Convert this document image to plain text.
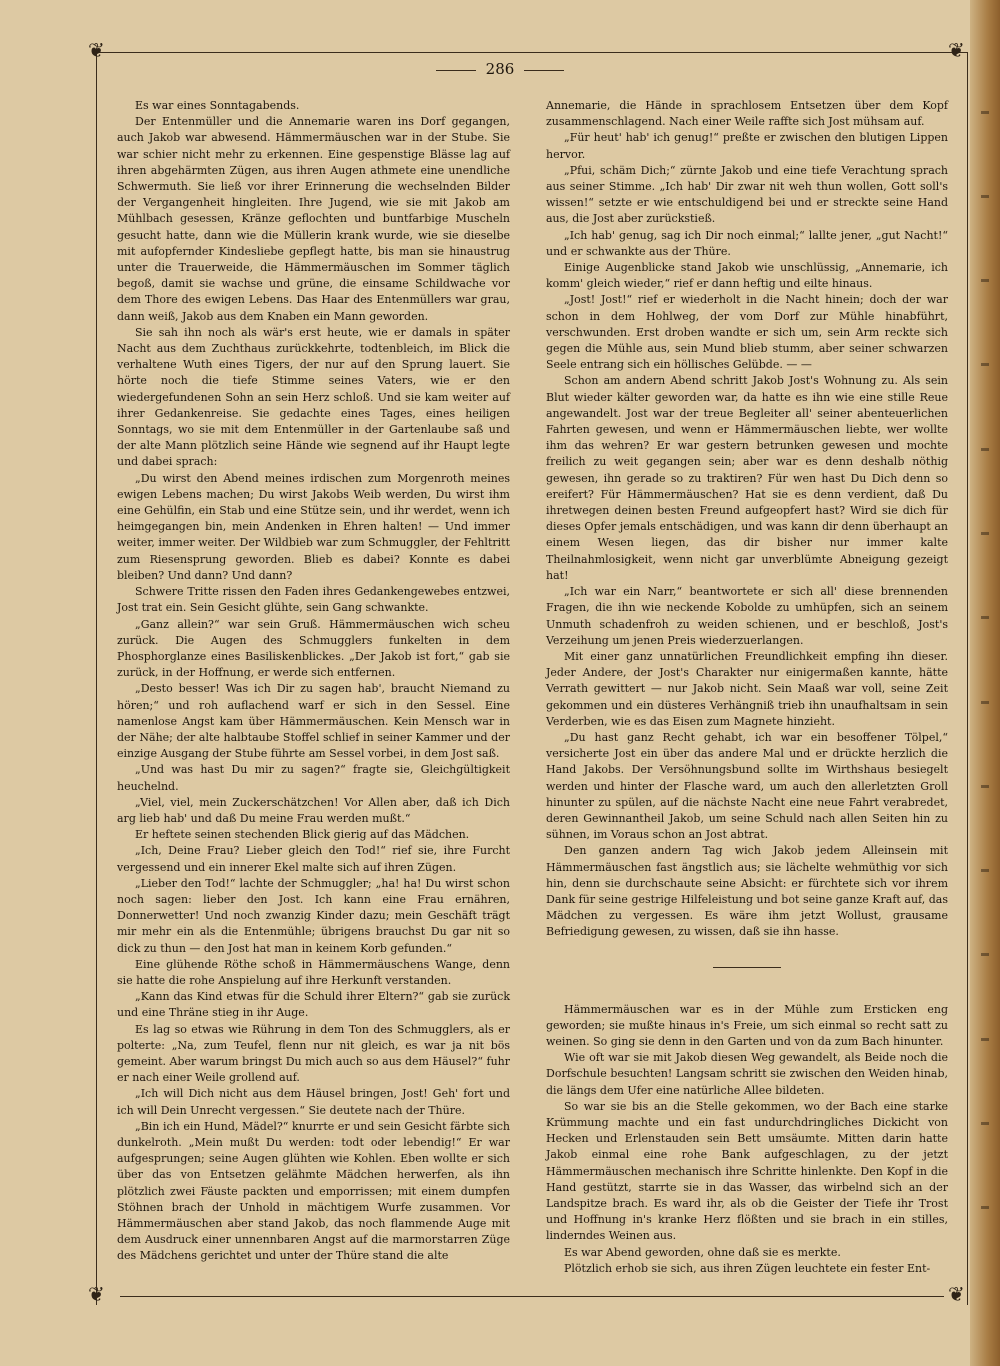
❦	❦
❦	❦
286

Es war eines Sonntagabends.

Der Entenmüller und die Annemarie waren ins Dorf gegangen, auch Jakob war abwesend. Hämmermäuschen war in der Stube. Sie war schier nicht mehr zu erkennen. Eine gespenstige Blässe lag auf ihren abgehärmten Zügen, aus ihren Augen athmete eine unendliche Schwermuth. Sie ließ vor ihrer Erinnerung die wechselnden Bilder der Vergangenheit hingleiten. Ihre Jugend, wie sie mit Jakob am Mühlbach gesessen, Kränze geflochten und buntfarbige Muscheln gesucht hatte, dann wie die Müllerin krank wurde, wie sie dieselbe mit aufopfernder Kindesliebe gepflegt hatte, bis man sie hinaustrug unter die Trauerweide, die Hämmermäuschen im Sommer täglich begoß, damit sie wachse und grüne, die einsame Schildwache vor dem Thore des ewigen Lebens. Das Haar des Entenmüllers war grau, dann weiß, Jakob aus dem Knaben ein Mann geworden.

Sie sah ihn noch als wär's erst heute, wie er damals in später Nacht aus dem Zuchthaus zurückkehrte, todtenbleich, im Blick die verhaltene Wuth eines Tigers, der nur auf den Sprung lauert. Sie hörte noch die tiefe Stimme seines Vaters, wie er den wiedergefundenen Sohn an sein Herz schloß. Und sie kam weiter auf ihrer Gedankenreise. Sie gedachte eines Tages, eines heiligen Sonntags, wo sie mit dem Entenmüller in der Gartenlaube saß und der alte Mann plötzlich seine Hände wie segnend auf ihr Haupt legte und dabei sprach:

„Du wirst den Abend meines irdischen zum Morgenroth meines ewigen Lebens machen; Du wirst Jakobs Weib werden, Du wirst ihm eine Gehülfin, ein Stab und eine Stütze sein, und ihr werdet, wenn ich heimgegangen bin, mein Andenken in Ehren halten! — Und immer weiter, immer weiter. Der Wildbieb war zum Schmuggler, der Fehltritt zum Riesensprung geworden. Blieb es dabei? Konnte es dabei bleiben? Und dann? Und dann?

Schwere Tritte rissen den Faden ihres Gedankengewebes entzwei, Jost trat ein. Sein Gesicht glühte, sein Gang schwankte.

„Ganz allein?“ war sein Gruß. Hämmermäuschen wich scheu zurück. Die Augen des Schmugglers funkelten in dem Phosphorglanze eines Basiliskenblickes. „Der Jakob ist fort,“ gab sie zurück, in der Hoffnung, er werde sich entfernen.

„Desto besser! Was ich Dir zu sagen hab', braucht Niemand zu hören;“ und roh auflachend warf er sich in den Sessel. Eine namenlose Angst kam über Hämmermäuschen. Kein Mensch war in der Nähe; der alte halbtaube Stoffel schlief in seiner Kammer und der einzige Ausgang der Stube führte am Sessel vorbei, in dem Jost saß.

„Und was hast Du mir zu sagen?“ fragte sie, Gleichgültigkeit heuchelnd.

„Viel, viel, mein Zuckerschätzchen! Vor Allen aber, daß ich Dich arg lieb hab' und daß Du meine Frau werden mußt.“

Er heftete seinen stechenden Blick gierig auf das Mädchen.

„Ich, Deine Frau? Lieber gleich den Tod!“ rief sie, ihre Furcht vergessend und ein innerer Ekel malte sich auf ihren Zügen.

„Lieber den Tod!“ lachte der Schmuggler; „ha! ha! Du wirst schon noch sagen: lieber den Jost. Ich kann eine Frau ernähren, Donnerwetter! Und noch zwanzig Kinder dazu; mein Geschäft trägt mir mehr ein als die Entenmühle; übrigens brauchst Du gar nit so dick zu thun — den Jost hat man in keinem Korb gefunden.“

Eine glühende Röthe schoß in Hämmermäuschens Wange, denn sie hatte die rohe Anspielung auf ihre Herkunft verstanden.

„Kann das Kind etwas für die Schuld ihrer Eltern?“ gab sie zurück und eine Thräne stieg in ihr Auge.

Es lag so etwas wie Rührung in dem Ton des Schmugglers, als er polterte: „Na, zum Teufel, flenn nur nit gleich, es war ja nit bös gemeint. Aber warum bringst Du mich auch so aus dem Häusel?“ fuhr er nach einer Weile grollend auf.

„Ich will Dich nicht aus dem Häusel bringen, Jost! Geh' fort und ich will Dein Unrecht vergessen.“ Sie deutete nach der Thüre.

„Bin ich ein Hund, Mädel?“ knurrte er und sein Gesicht färbte sich dunkelroth. „Mein mußt Du werden: todt oder lebendig!“ Er war aufgesprungen; seine Augen glühten wie Kohlen. Eben wollte er sich über das von Entsetzen gelähmte Mädchen herwerfen, als ihn plötzlich zwei Fäuste packten und emporrissen; mit einem dumpfen Stöhnen brach der Unhold in mächtigem Wurfe zusammen. Vor Hämmermäuschen aber stand Jakob, das noch flammende Auge mit dem Ausdruck einer unnennbaren Angst auf die marmorstarren Züge des Mädchens gerichtet und unter der Thüre stand die alte

Annemarie, die Hände in sprachlosem Entsetzen über dem Kopf zusammenschlagend. Nach einer Weile raffte sich Jost mühsam auf.

„Für heut' hab' ich genug!“ preßte er zwischen den blutigen Lippen hervor.

„Pfui, schäm Dich;“ zürnte Jakob und eine tiefe Verachtung sprach aus seiner Stimme. „Ich hab' Dir zwar nit weh thun wollen, Gott soll's wissen!“ setzte er wie entschuldigend bei und er streckte seine Hand aus, die Jost aber zurückstieß.

„Ich hab' genug, sag ich Dir noch einmal;“ lallte jener, „gut Nacht!“ und er schwankte aus der Thüre.

Einige Augenblicke stand Jakob wie unschlüssig, „Annemarie, ich komm' gleich wieder,“ rief er dann heftig und eilte hinaus.

„Jost! Jost!“ rief er wiederholt in die Nacht hinein; doch der war schon in dem Hohlweg, der vom Dorf zur Mühle hinabführt, verschwunden. Erst droben wandte er sich um, sein Arm reckte sich gegen die Mühle aus, sein Mund blieb stumm, aber seiner schwarzen Seele entrang sich ein höllisches Gelübde. — —

Schon am andern Abend schritt Jakob Jost's Wohnung zu. Als sein Blut wieder kälter geworden war, da hatte es ihn wie eine stille Reue angewandelt. Jost war der treue Begleiter all' seiner abenteuerlichen Fahrten gewesen, und wenn er Hämmermäuschen liebte, wer wollte ihm das wehren? Er war gestern betrunken gewesen und mochte freilich zu weit gegangen sein; aber war es denn deshalb nöthig gewesen, ihn gerade so zu traktiren? Für wen hast Du Dich denn so ereifert? Für Hämmermäuschen? Hat sie es denn verdient, daß Du ihretwegen deinen besten Freund aufgeopfert hast? Wird sie dich für dieses Opfer jemals entschädigen, und was kann dir denn überhaupt an einem Wesen liegen, das dir bisher nur immer kalte Theilnahmlosigkeit, wenn nicht gar unverblümte Abneigung gezeigt hat!

„Ich war ein Narr,“ beantwortete er sich all' diese brennenden Fragen, die ihn wie neckende Kobolde zu umhüpfen, sich an seinem Unmuth schadenfroh zu weiden schienen, und er beschloß, Jost's Verzeihung um jenen Preis wiederzuerlangen.

Mit einer ganz unnatürlichen Freundlichkeit empfing ihn dieser. Jeder Andere, der Jost's Charakter nur einigermaßen kannte, hätte Verrath gewittert — nur Jakob nicht. Sein Maaß war voll, seine Zeit gekommen und ein düsteres Verhängniß trieb ihn unaufhaltsam in sein Verderben, wie es das Eisen zum Magnete hinzieht.

„Du hast ganz Recht gehabt, ich war ein besoffener Tölpel,“ versicherte Jost ein über das andere Mal und er drückte herzlich die Hand Jakobs. Der Versöhnungsbund sollte im Wirthshaus besiegelt werden und hinter der Flasche ward, um auch den allerletzten Groll hinunter zu spülen, auf die nächste Nacht eine neue Fahrt verabredet, deren Gewinnantheil Jakob, um seine Schuld nach allen Seiten hin zu sühnen, im Voraus schon an Jost abtrat.

Den ganzen andern Tag wich Jakob jedem Alleinsein mit Hämmermäuschen fast ängstlich aus; sie lächelte wehmüthig vor sich hin, denn sie durchschaute seine Absicht: er fürchtete sich vor ihrem Dank für seine gestrige Hilfeleistung und bot seine ganze Kraft auf, das Mädchen zu vergessen. Es wäre ihm jetzt Wollust, grausame Befriedigung gewesen, zu wissen, daß sie ihn hasse.

Hämmermäuschen war es in der Mühle zum Ersticken eng geworden; sie mußte hinaus in's Freie, um sich einmal so recht satt zu weinen. So ging sie denn in den Garten und von da zum Bach hinunter.

Wie oft war sie mit Jakob diesen Weg gewandelt, als Beide noch die Dorfschule besuchten! Langsam schritt sie zwischen den Weiden hinab, die längs dem Ufer eine natürliche Allee bildeten.

So war sie bis an die Stelle gekommen, wo der Bach eine starke Krümmung machte und ein fast undurchdringliches Dickicht von Hecken und Erlenstauden sein Bett umsäumte. Mitten darin hatte Jakob einmal eine rohe Bank aufgeschlagen, zu der jetzt Hämmermäuschen mechanisch ihre Schritte hinlenkte. Den Kopf in die Hand gestützt, starrte sie in das Wasser, das wirbelnd sich an der Landspitze brach. Es ward ihr, als ob die Geister der Tiefe ihr Trost und Hoffnung in's kranke Herz flößten und sie brach in ein stilles, linderndes Weinen aus.

Es war Abend geworden, ohne daß sie es merkte.

Plötzlich erhob sie sich, aus ihren Zügen leuchtete ein fester Ent-
